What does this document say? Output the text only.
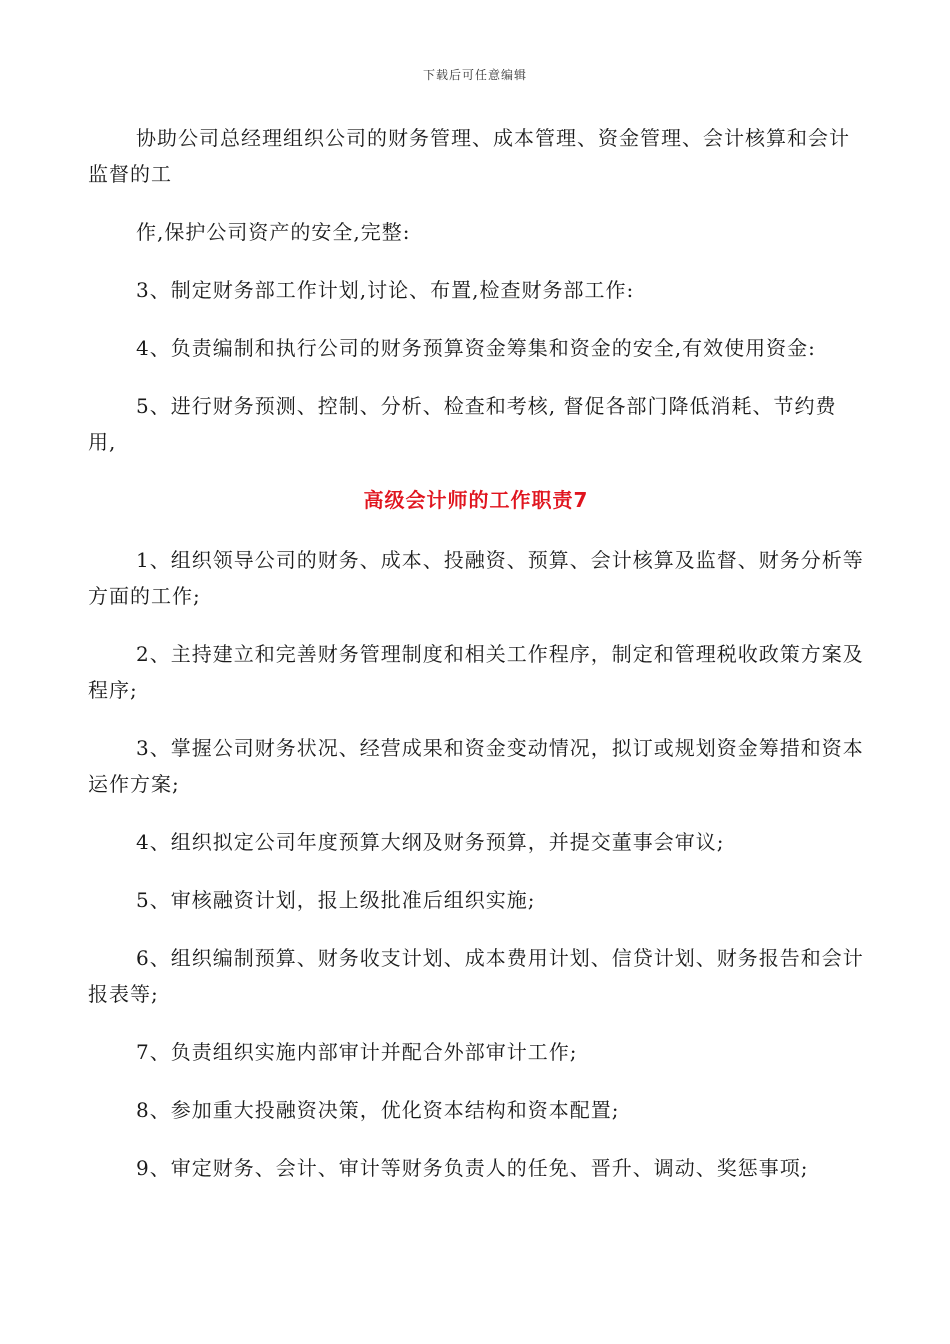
下载后可任意编辑

协助公司总经理组织公司的财务管理、成本管理、资金管理、会计核算和会计监督的工

作,保护公司资产的安全,完整:

3、制定财务部工作计划,讨论、布置,检查财务部工作:

4、负责编制和执行公司的财务预算资金筹集和资金的安全,有效使用资金:

5、进行财务预测、控制、分析、检查和考核, 督促各部门降低消耗、节约费用,

高级会计师的工作职责7

1、组织领导公司的财务、成本、投融资、预算、会计核算及监督、财务分析等方面的工作;

2、主持建立和完善财务管理制度和相关工作程序，制定和管理税收政策方案及程序;

3、掌握公司财务状况、经营成果和资金变动情况，拟订或规划资金筹措和资本运作方案;

4、组织拟定公司年度预算大纲及财务预算，并提交董事会审议;

5、审核融资计划，报上级批准后组织实施;

6、组织编制预算、财务收支计划、成本费用计划、信贷计划、财务报告和会计报表等;

7、负责组织实施内部审计并配合外部审计工作;

8、参加重大投融资决策，优化资本结构和资本配置;

9、审定财务、会计、审计等财务负责人的任免、晋升、调动、奖惩事项;
